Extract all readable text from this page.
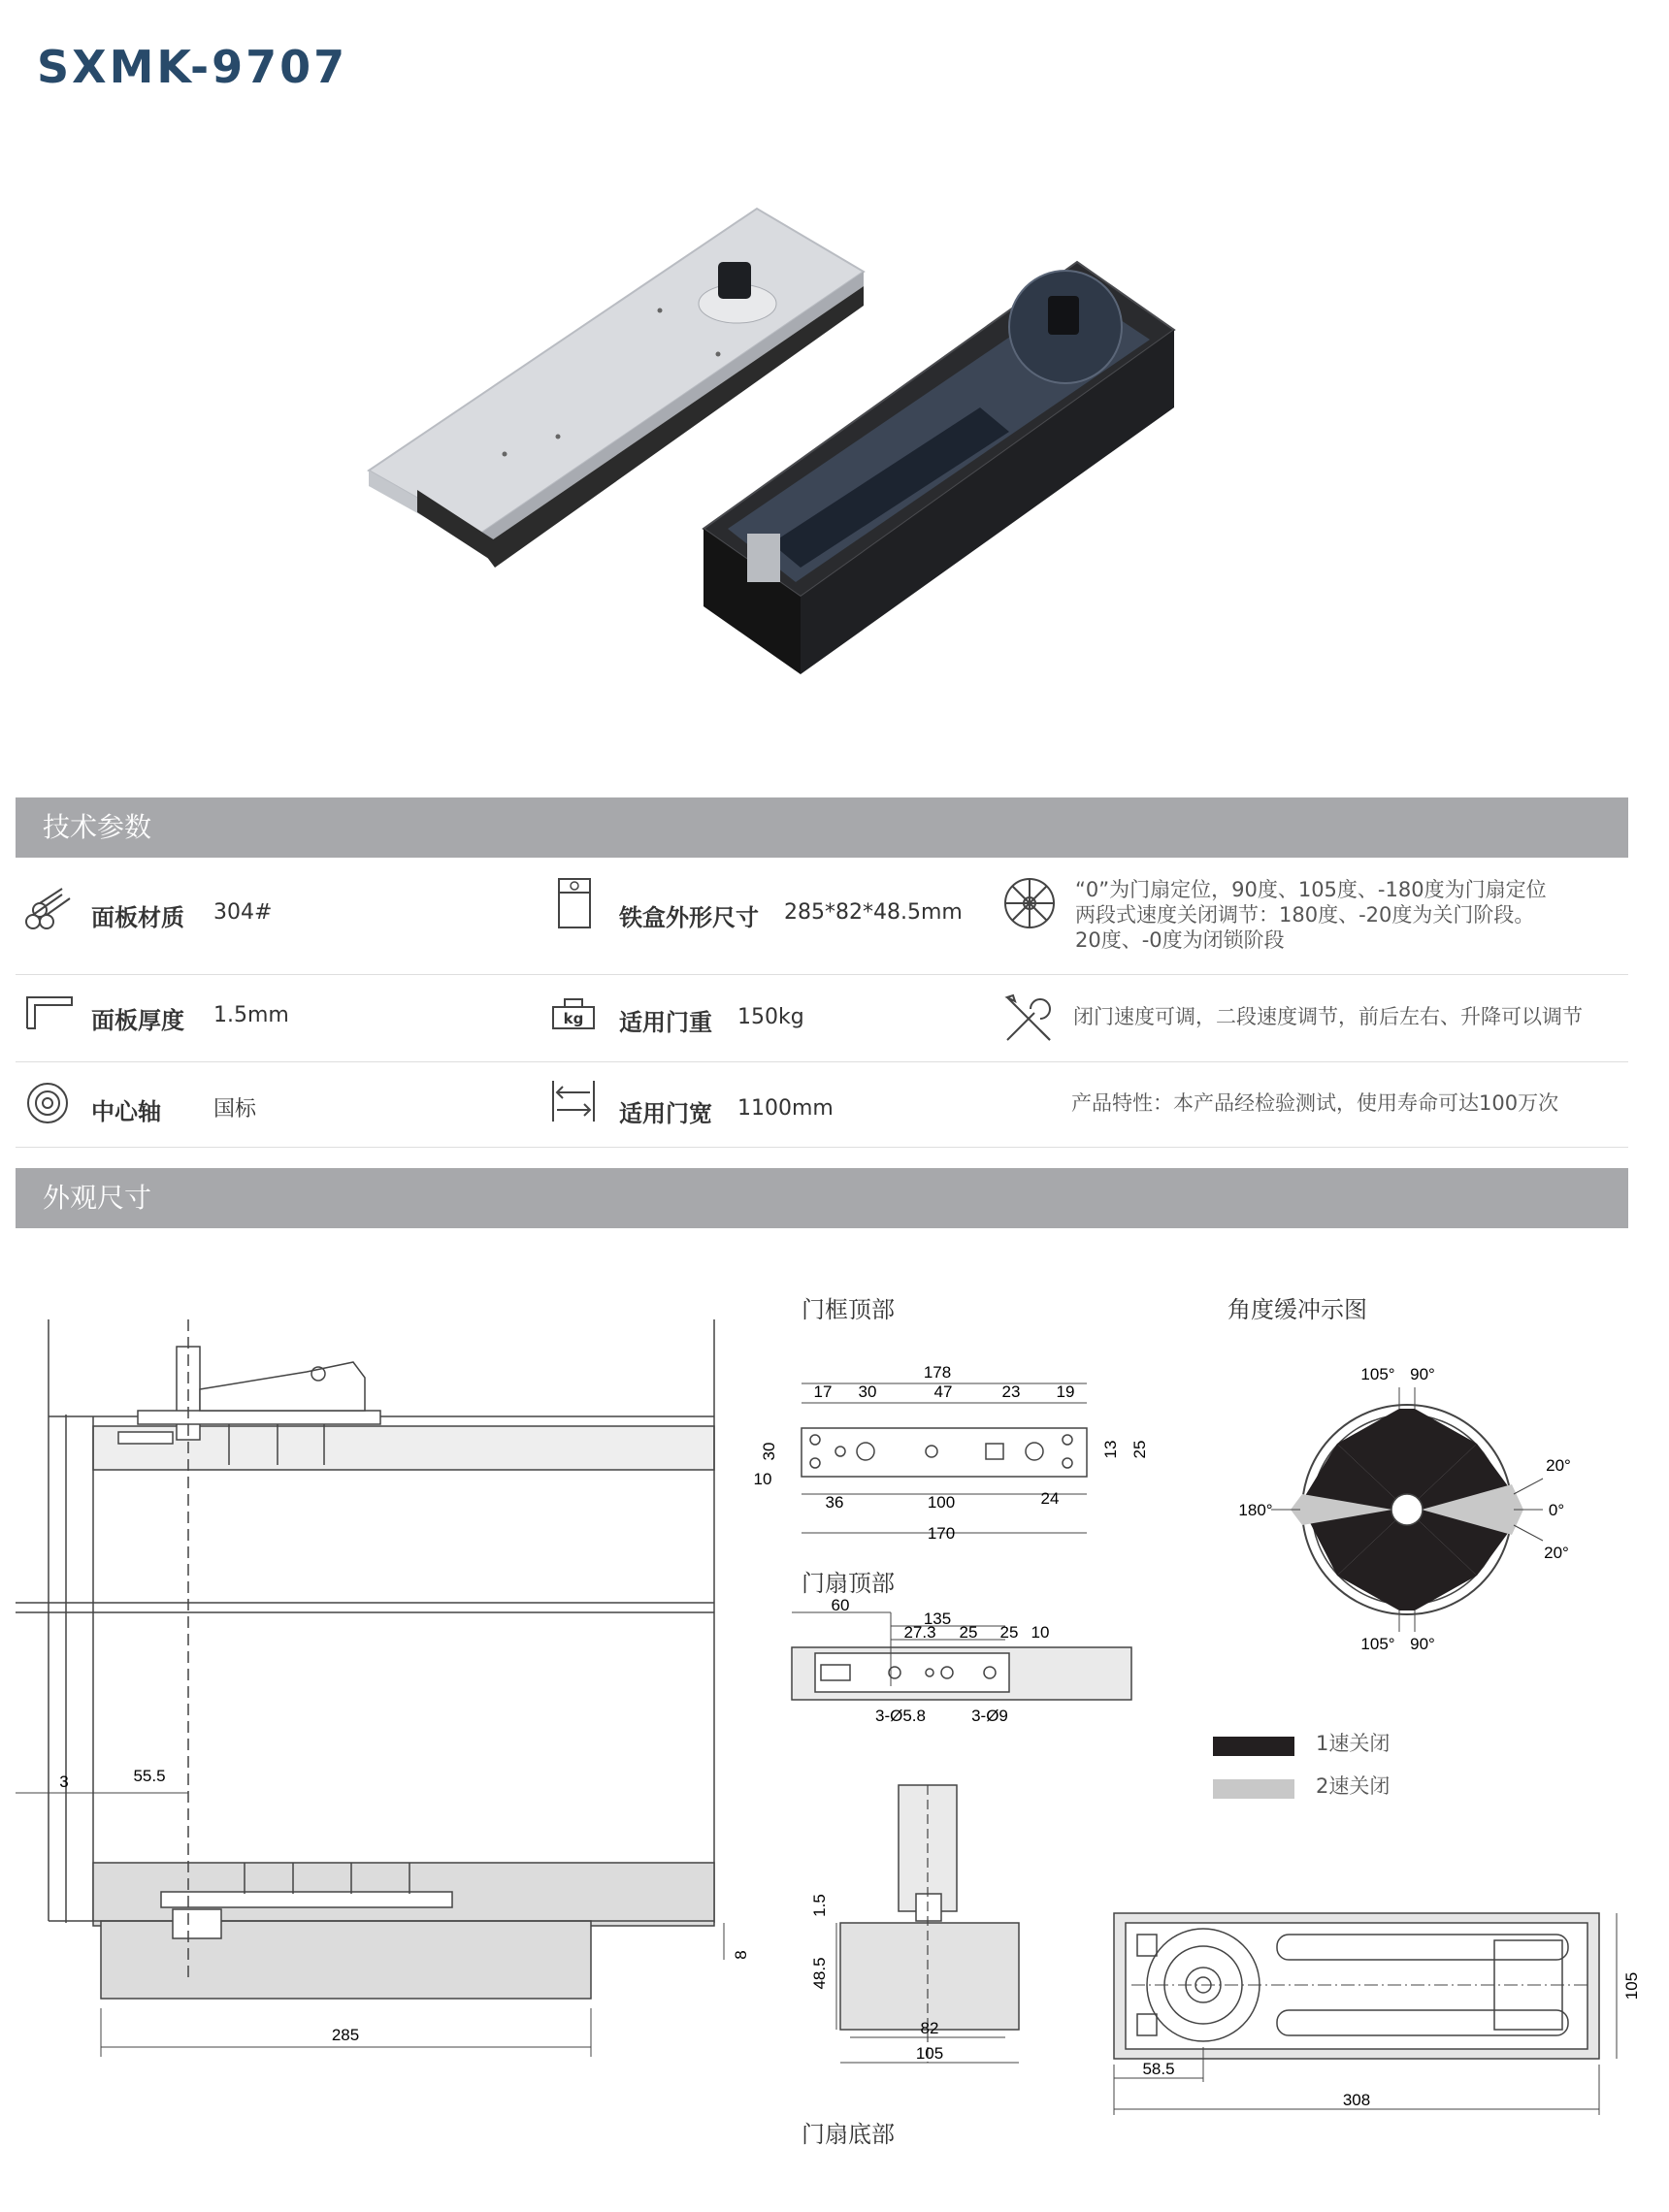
SXMK-9707
技术参数
面板材质 304#	铁盒外形尺寸 285*82*48.5mm
“0”为门扇定位，90度、105度、-180度为门扇定位
两段式速度关闭调节：180度、-20度为关门阶段。
20度、-0度为闭锁阶段
面板厚度 1.5mm	kg 适用门重 150kg	闭门速度可调，二段速度调节，前后左右、升降可以调节
中心轴 国标	适用门宽 1100mm	产品特性：本产品经检验测试，使用寿命可达100万次
外观尺寸
3	55.5
285
8
门框顶部
178
17 30	47	23 19
30
10
13 25
36	100	24
170
门扇顶部
60
135
27.3 25 25 10
3-Ø5.8	3-Ø9
1.5
48.5
82
105
门扇底部
角度缓冲示图
105° 90°
20°
180°	0°
20°
105° 90°
1速关闭
2速关闭
58.5
308
105
